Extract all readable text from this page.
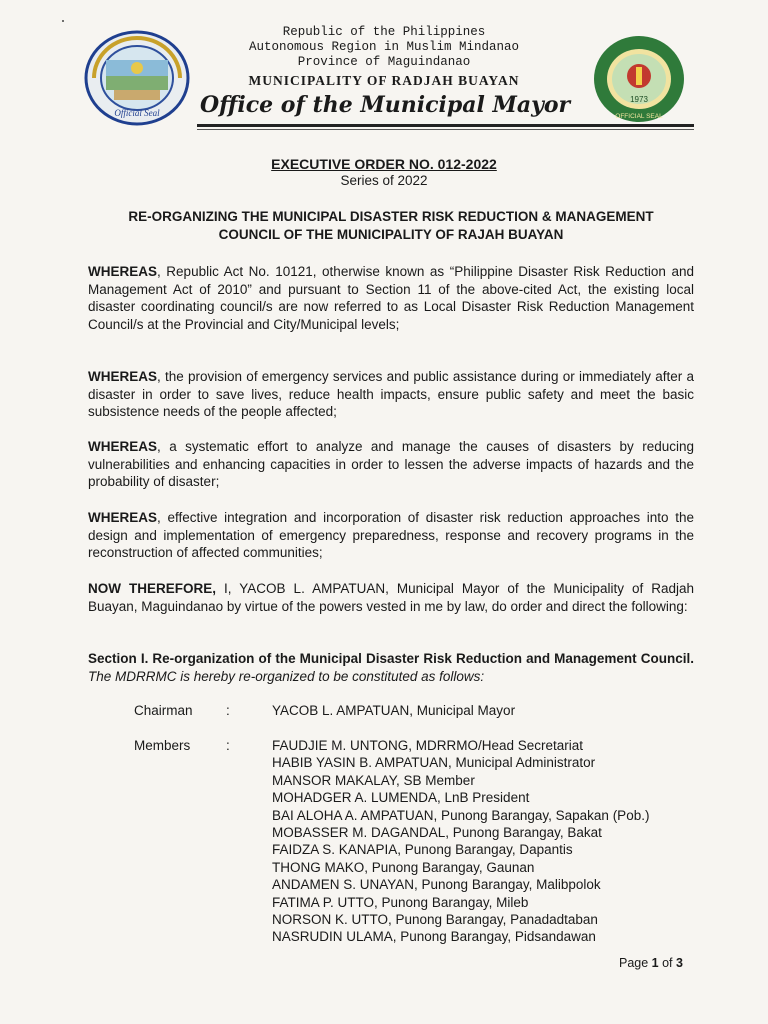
Official Seal
Republic of the Philippines
Autonomous Region in Muslim Mindanao
Province of Maguindanao
MUNICIPALITY OF RADJAH BUAYAN
Office of the Municipal Mayor	1973
OFFICIAL SEAL
EXECUTIVE ORDER NO. 012-2022
Series of 2022
RE-ORGANIZING THE MUNICIPAL DISASTER RISK REDUCTION & MANAGEMENT
COUNCIL OF THE MUNICIPALITY OF RAJAH BUAYAN
WHEREAS, Republic Act No. 10121, otherwise known as “Philippine Disaster Risk Reduction and Management Act of 2010” and pursuant to Section 11 of the above-cited Act, the existing local disaster coordinating council/s are now referred to as Local Disaster Risk Reduction Management Council/s at the Provincial and City/Municipal levels;
WHEREAS, the provision of emergency services and public assistance during or immediately after a disaster in order to save lives, reduce health impacts, ensure public safety and meet the basic subsistence needs of the people affected;
WHEREAS, a systematic effort to analyze and manage the causes of disasters by reducing vulnerabilities and enhancing capacities in order to lessen the adverse impacts of hazards and the probability of disaster;
WHEREAS, effective integration and incorporation of disaster risk reduction approaches into the design and implementation of emergency preparedness, response and recovery programs in the reconstruction of affected communities;
NOW THEREFORE, I, YACOB L. AMPATUAN, Municipal Mayor of the Municipality of Radjah Buayan, Maguindanao by virtue of the powers vested in me by law, do order and direct the following:
Section I. Re-organization of the Municipal Disaster Risk Reduction and Management Council. The MDRRMC is hereby re-organized to be constituted as follows:
Chairman :	YACOB L. AMPATUAN, Municipal Mayor
Members	:	FAUDJIE M. UNTONG, MDRRMO/Head Secretariat
HABIB YASIN B. AMPATUAN, Municipal Administrator
MANSOR MAKALAY, SB Member
MOHADGER A. LUMENDA, LnB President
BAI ALOHA A. AMPATUAN, Punong Barangay, Sapakan (Pob.)
MOBASSER M. DAGANDAL, Punong Barangay, Bakat
FAIDZA S. KANAPIA, Punong Barangay, Dapantis
THONG MAKO, Punong Barangay, Gaunan
ANDAMEN S. UNAYAN, Punong Barangay, Malibpolok
FATIMA P. UTTO, Punong Barangay, Mileb
NORSON K. UTTO, Punong Barangay, Panadadtaban
NASRUDIN ULAMA, Punong Barangay, Pidsandawan
Page 1 of 3
